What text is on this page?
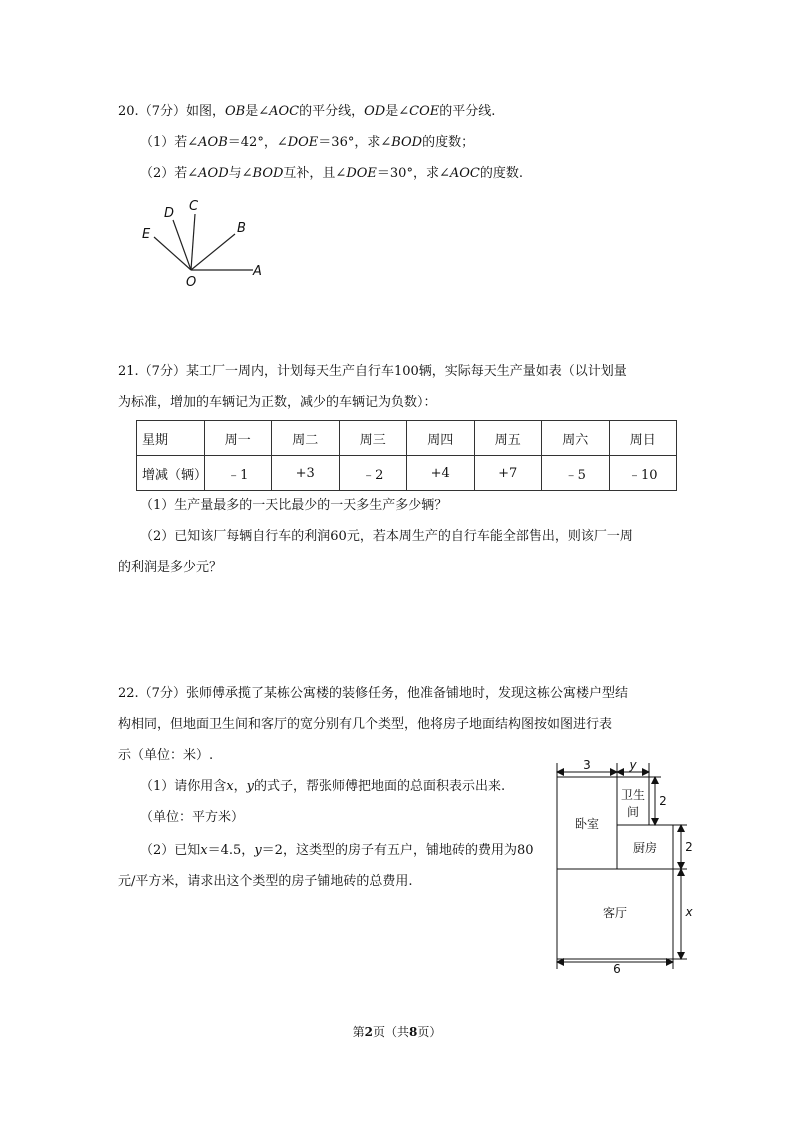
20.（7分）如图，OB是∠AOC的平分线，OD是∠COE的平分线.
（1）若∠AOB＝42°，∠DOE＝36°，求∠BOD的度数；
（2）若∠AOD与∠BOD互补，且∠DOE＝30°，求∠AOC的度数.
E
D C
B
O
A
21.（7分）某工厂一周内，计划每天生产自行车100辆，实际每天生产量如表（以计划量
为标准，增加的车辆记为正数，减少的车辆记为负数）：
星期	周一	周二	周三	周四	周五	周六	周日
增减（辆）	﹣1	+3	﹣2	+4	+7	﹣5	﹣10
（1）生产量最多的一天比最少的一天多生产多少辆？
（2）已知该厂每辆自行车的利润60元，若本周生产的自行车能全部售出，则该厂一周
的利润是多少元？
22.（7分）张师傅承揽了某栋公寓楼的装修任务，他准备铺地时，发现这栋公寓楼户型结
构相同，但地面卫生间和客厅的宽分别有几个类型，他将房子地面结构图按如图进行表
示（单位：米）.
（1）请你用含x，y的式子，帮张师傅把地面的总面积表示出来.
（单位：平方米）
（2）已知x＝4.5，y＝2，这类型的房子有五户，铺地砖的费用为80
元/平方米，请求出这个类型的房子铺地砖的总费用.
3	y
2
2
x
6
卧室
卫生
间
厨房
客厅
第2页（共8页）
